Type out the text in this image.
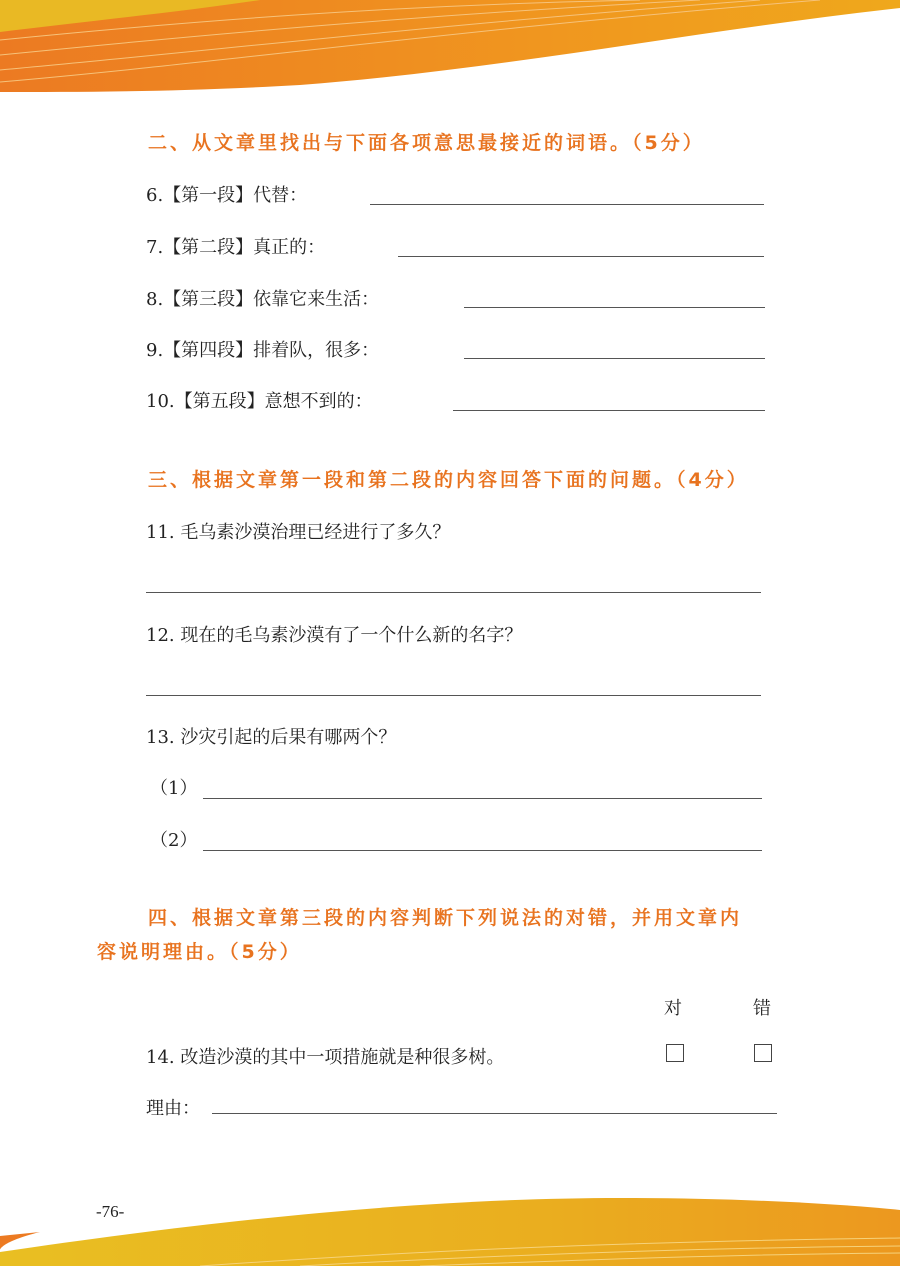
二、从文章里找出与下面各项意思最接近的词语。（5分）
6.【第一段】代替：
7.【第二段】真正的：
8.【第三段】依靠它来生活：
9.【第四段】排着队，很多：
10.【第五段】意想不到的：
三、根据文章第一段和第二段的内容回答下面的问题。（4分）
11. 毛乌素沙漠治理已经进行了多久？
12. 现在的毛乌素沙漠有了一个什么新的名字？
13. 沙灾引起的后果有哪两个？
（1）
（2）
四、根据文章第三段的内容判断下列说法的对错，并用文章内
容说明理由。（5分）
对	错
14. 改造沙漠的其中一项措施就是种很多树。
理由：
-76-
